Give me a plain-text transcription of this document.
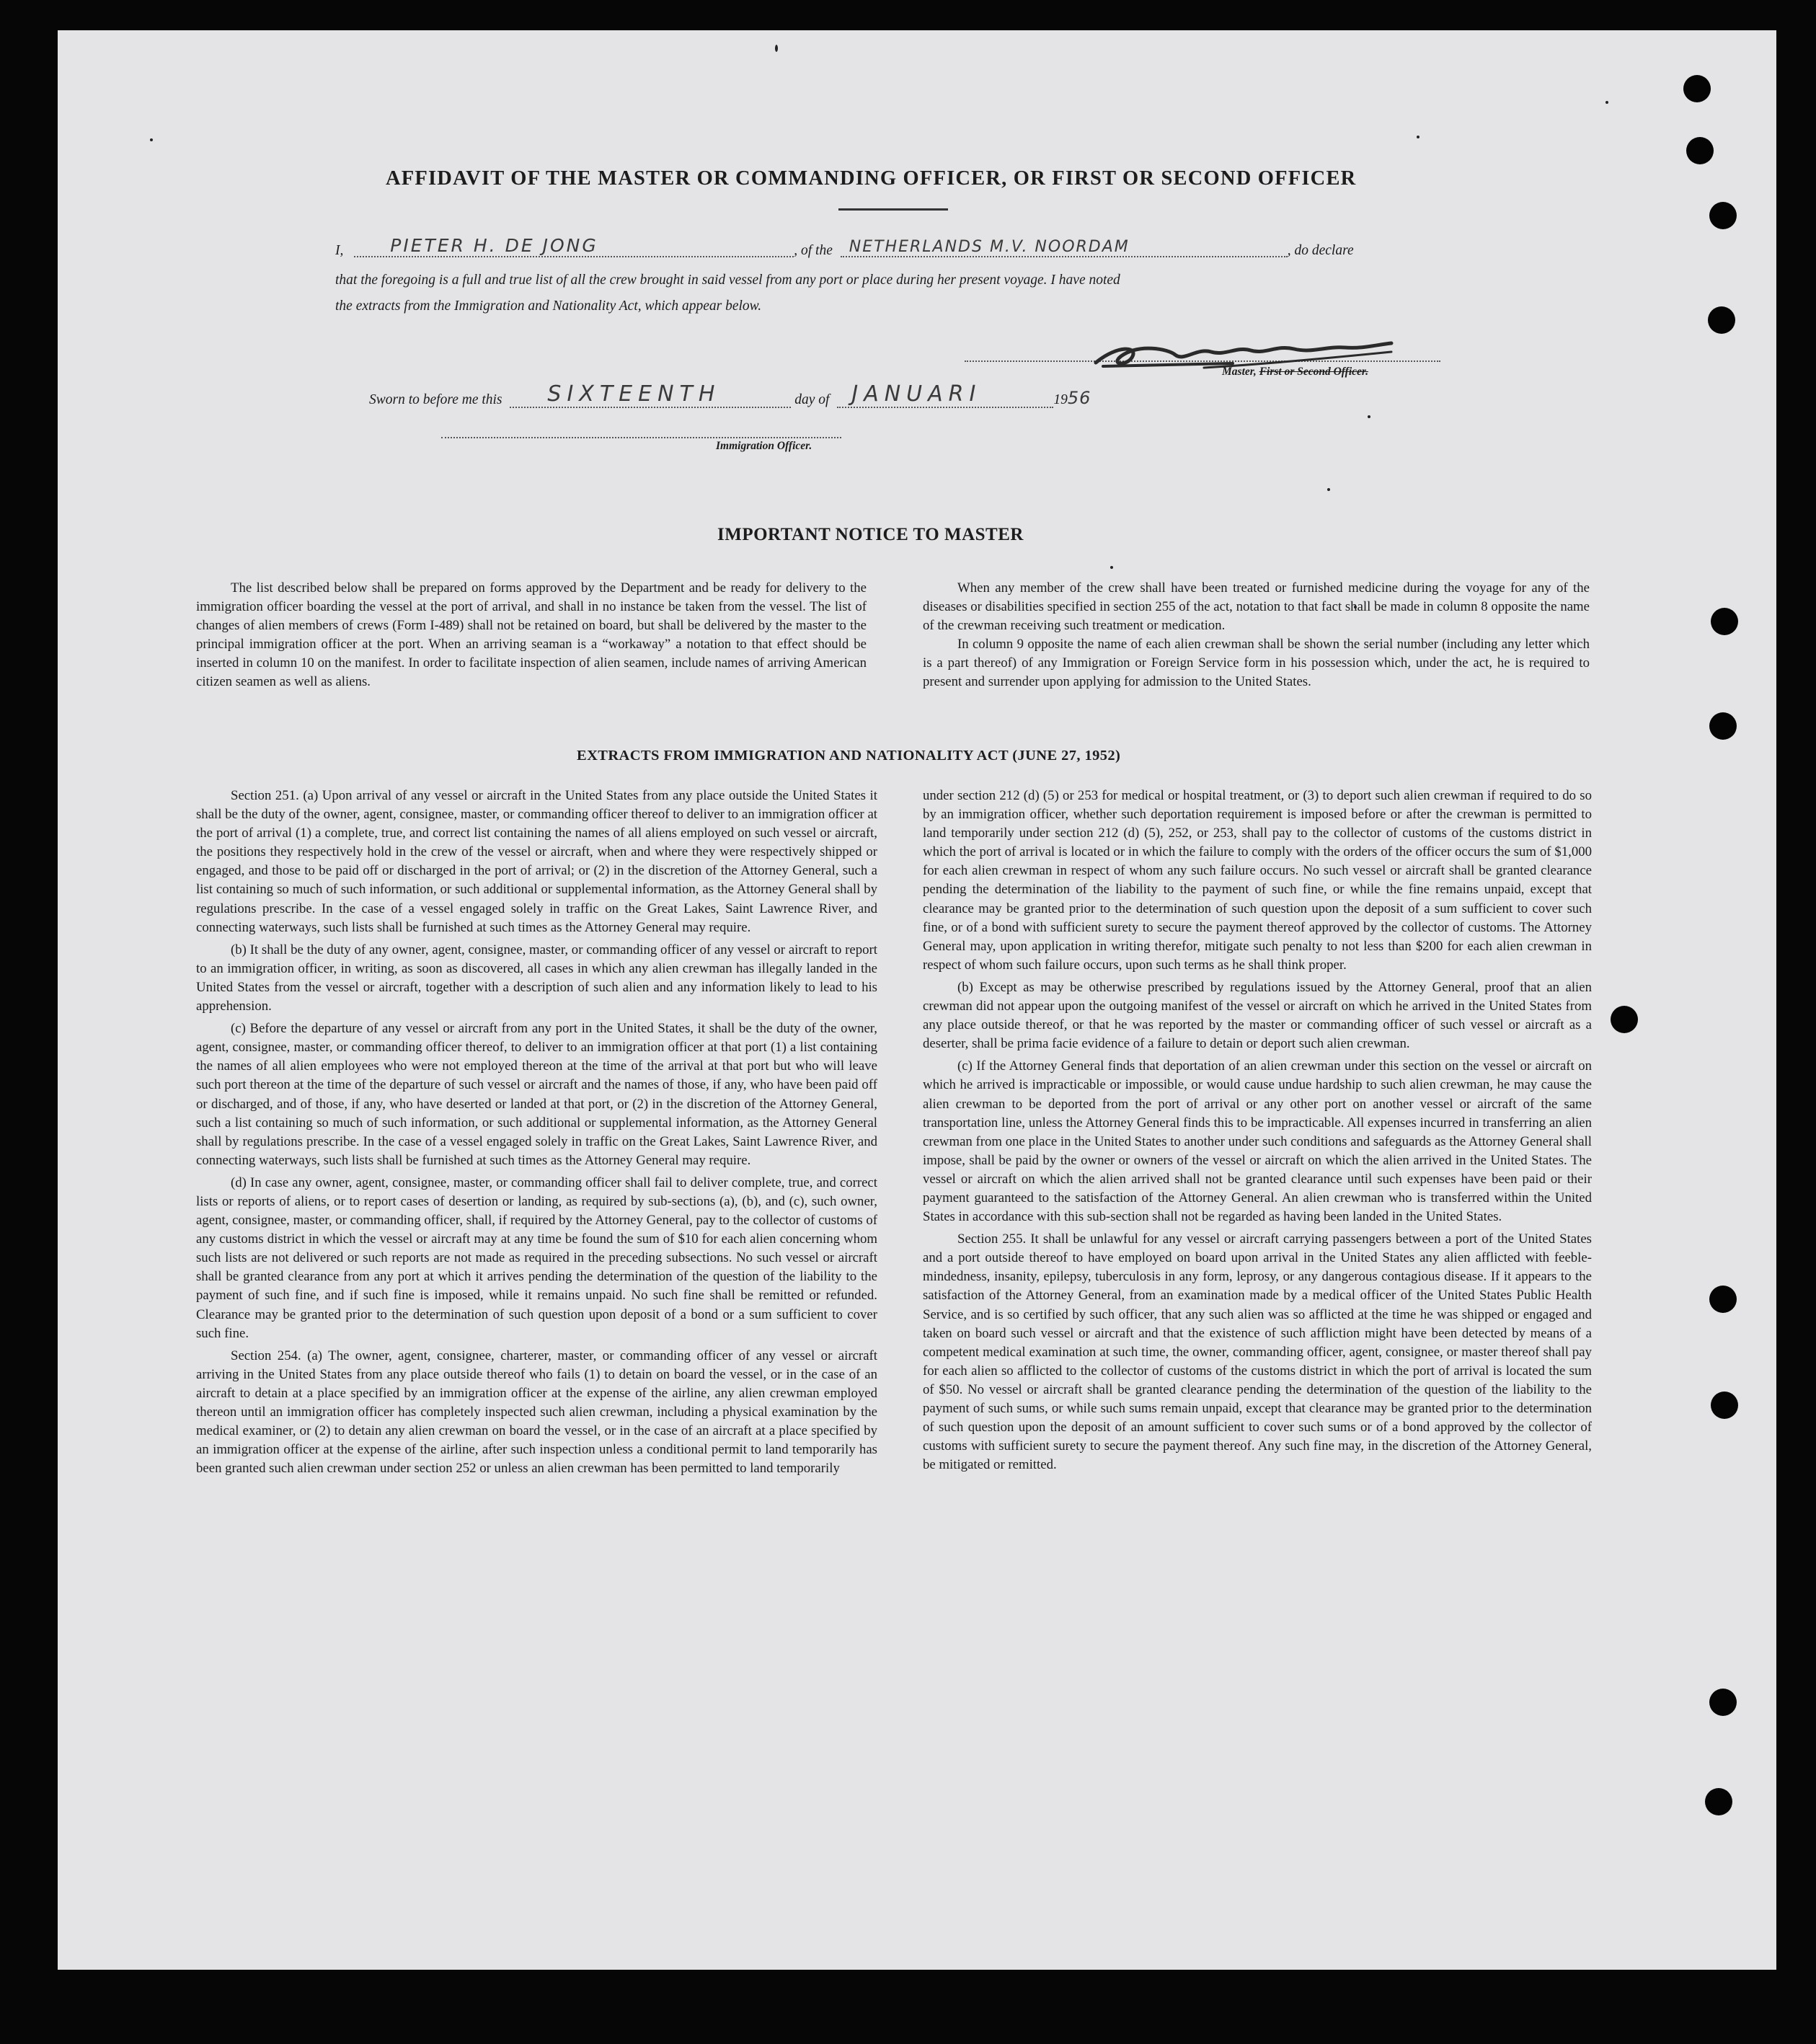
AFFIDAVIT OF THE MASTER OR COMMANDING OFFICER, OR FIRST OR SECOND OFFICER
I,	PIETER H. DE JONG	, of the NETHERLANDS M.V. NOORDAM	, do declare
that the foregoing is a full and true list of all the crew brought in said vessel from any port or place during her present voyage. I have noted
the extracts from the Immigration and Nationality Act, which appear below.
Master, First or Second Officer.
Sworn to before me this SIXTEENTH	day of JANUARI	1956
Immigration Officer.
IMPORTANT NOTICE TO MASTER

The list described below shall be prepared on forms approved by the Department and be ready for delivery to the immigration officer boarding the vessel at the port of arrival, and shall in no instance be taken from the vessel. The list of changes of alien members of crews (Form I-489) shall not be retained on board, but shall be delivered by the master to the principal immigration officer at the port. When an arriving seaman is a “workaway” a notation to that effect should be inserted in column 10 on the manifest. In order to facilitate inspection of alien seamen, include names of arriving American citizen seamen as well as aliens.

When any member of the crew shall have been treated or furnished medicine during the voyage for any of the diseases or disabilities specified in section 255 of the act, notation to that fact shall be made in column 8 opposite the name of the crewman receiving such treatment or medication.

In column 9 opposite the name of each alien crewman shall be shown the serial number (including any letter which is a part thereof) of any Immigration or Foreign Service form in his possession which, under the act, he is required to present and surrender upon applying for admission to the United States.

EXTRACTS FROM IMMIGRATION AND NATIONALITY ACT (JUNE 27, 1952)

Section 251. (a) Upon arrival of any vessel or aircraft in the United States from any place outside the United States it shall be the duty of the owner, agent, consignee, master, or commanding officer thereof to deliver to an immigration officer at the port of arrival (1) a complete, true, and correct list containing the names of all aliens employed on such vessel or aircraft, the positions they respectively hold in the crew of the vessel or aircraft, when and where they were respectively shipped or engaged, and those to be paid off or discharged in the port of arrival; or (2) in the discretion of the Attorney General, such a list containing so much of such information, or such additional or supplemental information, as the Attorney General shall by regulations prescribe. In the case of a vessel engaged solely in traffic on the Great Lakes, Saint Lawrence River, and connecting waterways, such lists shall be furnished at such times as the Attorney General may require.

(b) It shall be the duty of any owner, agent, consignee, master, or commanding officer of any vessel or aircraft to report to an immigration officer, in writing, as soon as discovered, all cases in which any alien crewman has illegally landed in the United States from the vessel or aircraft, together with a description of such alien and any information likely to lead to his apprehension.

(c) Before the departure of any vessel or aircraft from any port in the United States, it shall be the duty of the owner, agent, consignee, master, or commanding officer thereof, to deliver to an immigration officer at that port (1) a list containing the names of all alien employees who were not employed thereon at the time of the arrival at that port but who will leave such port thereon at the time of the departure of such vessel or aircraft and the names of those, if any, who have been paid off or discharged, and of those, if any, who have deserted or landed at that port, or (2) in the discretion of the Attorney General, such a list containing so much of such information, or such additional or supplemental information, as the Attorney General shall by regulations prescribe. In the case of a vessel engaged solely in traffic on the Great Lakes, Saint Lawrence River, and connecting waterways, such lists shall be furnished at such times as the Attorney General may require.

(d) In case any owner, agent, consignee, master, or commanding officer shall fail to deliver complete, true, and correct lists or reports of aliens, or to report cases of desertion or landing, as required by sub-sections (a), (b), and (c), such owner, agent, consignee, master, or commanding officer, shall, if required by the Attorney General, pay to the collector of customs of any customs district in which the vessel or aircraft may at any time be found the sum of $10 for each alien concerning whom such lists are not delivered or such reports are not made as required in the preceding subsections. No such vessel or aircraft shall be granted clearance from any port at which it arrives pending the determination of the question of the liability to the payment of such fine, and if such fine is imposed, while it remains unpaid. No such fine shall be remitted or refunded. Clearance may be granted prior to the determination of such question upon deposit of a bond or a sum sufficient to cover such fine.

Section 254. (a) The owner, agent, consignee, charterer, master, or commanding officer of any vessel or aircraft arriving in the United States from any place outside thereof who fails (1) to detain on board the vessel, or in the case of an aircraft to detain at a place specified by an immigration officer at the expense of the airline, any alien crewman employed thereon until an immigration officer has completely inspected such alien crewman, including a physical examination by the medical examiner, or (2) to detain any alien crewman on board the vessel, or in the case of an aircraft at a place specified by an immigration officer at the expense of the airline, after such inspection unless a conditional permit to land temporarily has been granted such alien crewman under section 252 or unless an alien crewman has been permitted to land temporarily

under section 212 (d) (5) or 253 for medical or hospital treatment, or (3) to deport such alien crewman if required to do so by an immigration officer, whether such deportation requirement is imposed before or after the crewman is permitted to land temporarily under section 212 (d) (5), 252, or 253, shall pay to the collector of customs of the customs district in which the port of arrival is located or in which the failure to comply with the orders of the officer occurs the sum of $1,000 for each alien crewman in respect of whom any such failure occurs. No such vessel or aircraft shall be granted clearance pending the determination of the liability to the payment of such fine, or while the fine remains unpaid, except that clearance may be granted prior to the determination of such question upon the deposit of a sum sufficient to cover such fine, or of a bond with sufficient surety to secure the payment thereof approved by the collector of customs. The Attorney General may, upon application in writing therefor, mitigate such penalty to not less than $200 for each alien crewman in respect of whom such failure occurs, upon such terms as he shall think proper.

(b) Except as may be otherwise prescribed by regulations issued by the Attorney General, proof that an alien crewman did not appear upon the outgoing manifest of the vessel or aircraft on which he arrived in the United States from any place outside thereof, or that he was reported by the master or commanding officer of such vessel or aircraft as a deserter, shall be prima facie evidence of a failure to detain or deport such alien crewman.

(c) If the Attorney General finds that deportation of an alien crewman under this section on the vessel or aircraft on which he arrived is impracticable or impossible, or would cause undue hardship to such alien crewman, he may cause the alien crewman to be deported from the port of arrival or any other port on another vessel or aircraft of the same transportation line, unless the Attorney General finds this to be impracticable. All expenses incurred in transferring an alien crewman from one place in the United States to another under such conditions and safeguards as the Attorney General shall impose, shall be paid by the owner or owners of the vessel or aircraft on which the alien arrived in the United States. The vessel or aircraft on which the alien arrived shall not be granted clearance until such expenses have been paid or their payment guaranteed to the satisfaction of the Attorney General. An alien crewman who is transferred within the United States in accordance with this sub-section shall not be regarded as having been landed in the United States.

Section 255. It shall be unlawful for any vessel or aircraft carrying passengers between a port of the United States and a port outside thereof to have employed on board upon arrival in the United States any alien afflicted with feeble-mindedness, insanity, epilepsy, tuberculosis in any form, leprosy, or any dangerous contagious disease. If it appears to the satisfaction of the Attorney General, from an examination made by a medical officer of the United States Public Health Service, and is so certified by such officer, that any such alien was so afflicted at the time he was shipped or engaged and taken on board such vessel or aircraft and that the existence of such affliction might have been detected by means of a competent medical examination at such time, the owner, commanding officer, agent, consignee, or master thereof shall pay for each alien so afflicted to the collector of customs of the customs district in which the port of arrival is located the sum of $50. No vessel or aircraft shall be granted clearance pending the determination of the question of the liability to the payment of such sums, or while such sums remain unpaid, except that clearance may be granted prior to the determination of such question upon the deposit of an amount sufficient to cover such sums or of a bond approved by the collector of customs with sufficient surety to secure the payment thereof. Any such fine may, in the discretion of the Attorney General, be mitigated or remitted.
